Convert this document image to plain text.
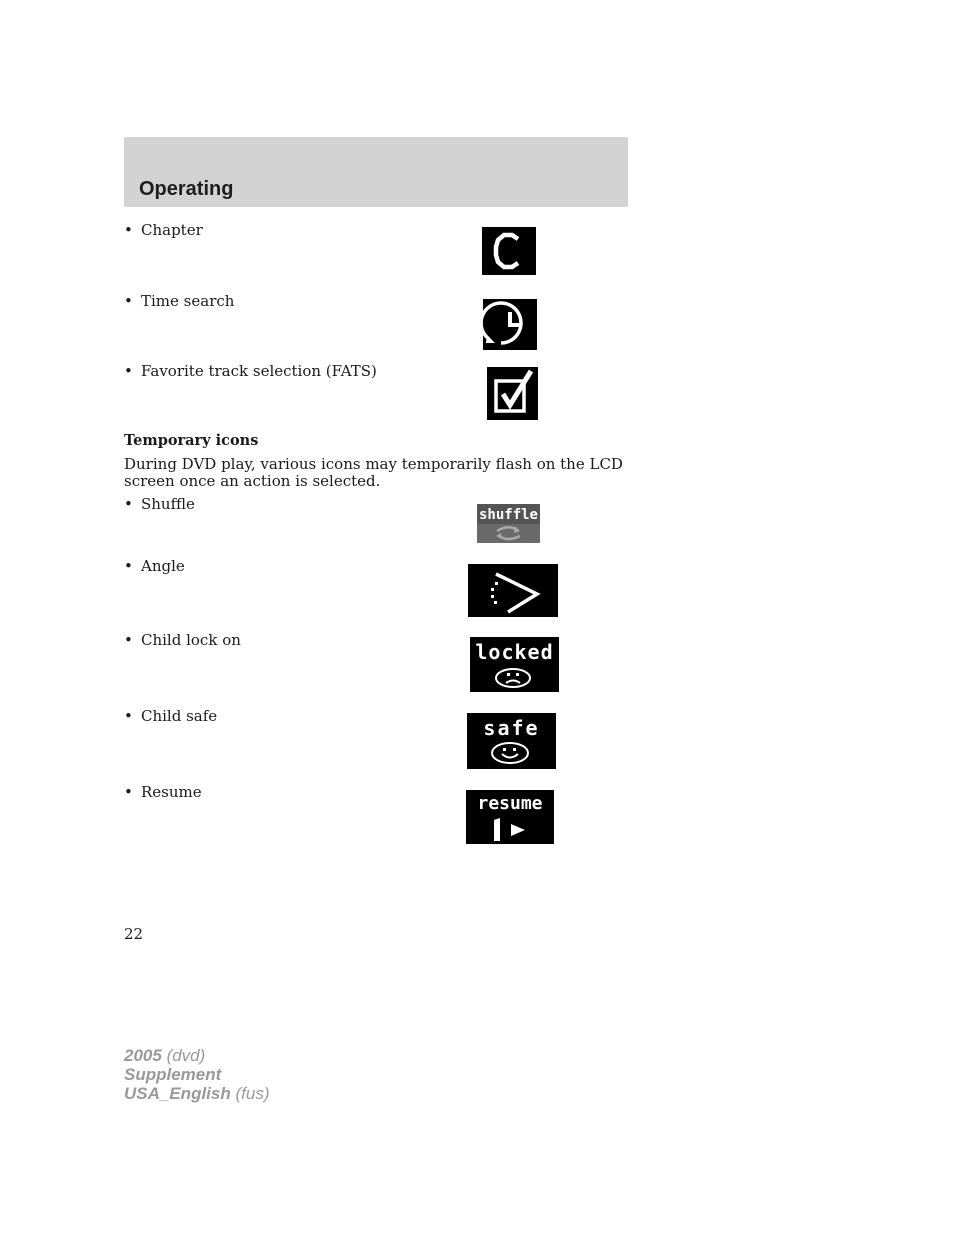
Operating
• Chapter
• Time search
• Favorite track selection (FATS)
Temporary icons
During DVD play, various icons may temporarily flash on the LCD screen once an action is selected.
• Shuffle
shuffle
• Angle
• Child lock on	locked
• Child safe	safe
• Resume
resume
22
2005 (dvd)
Supplement
USA_English (fus)
